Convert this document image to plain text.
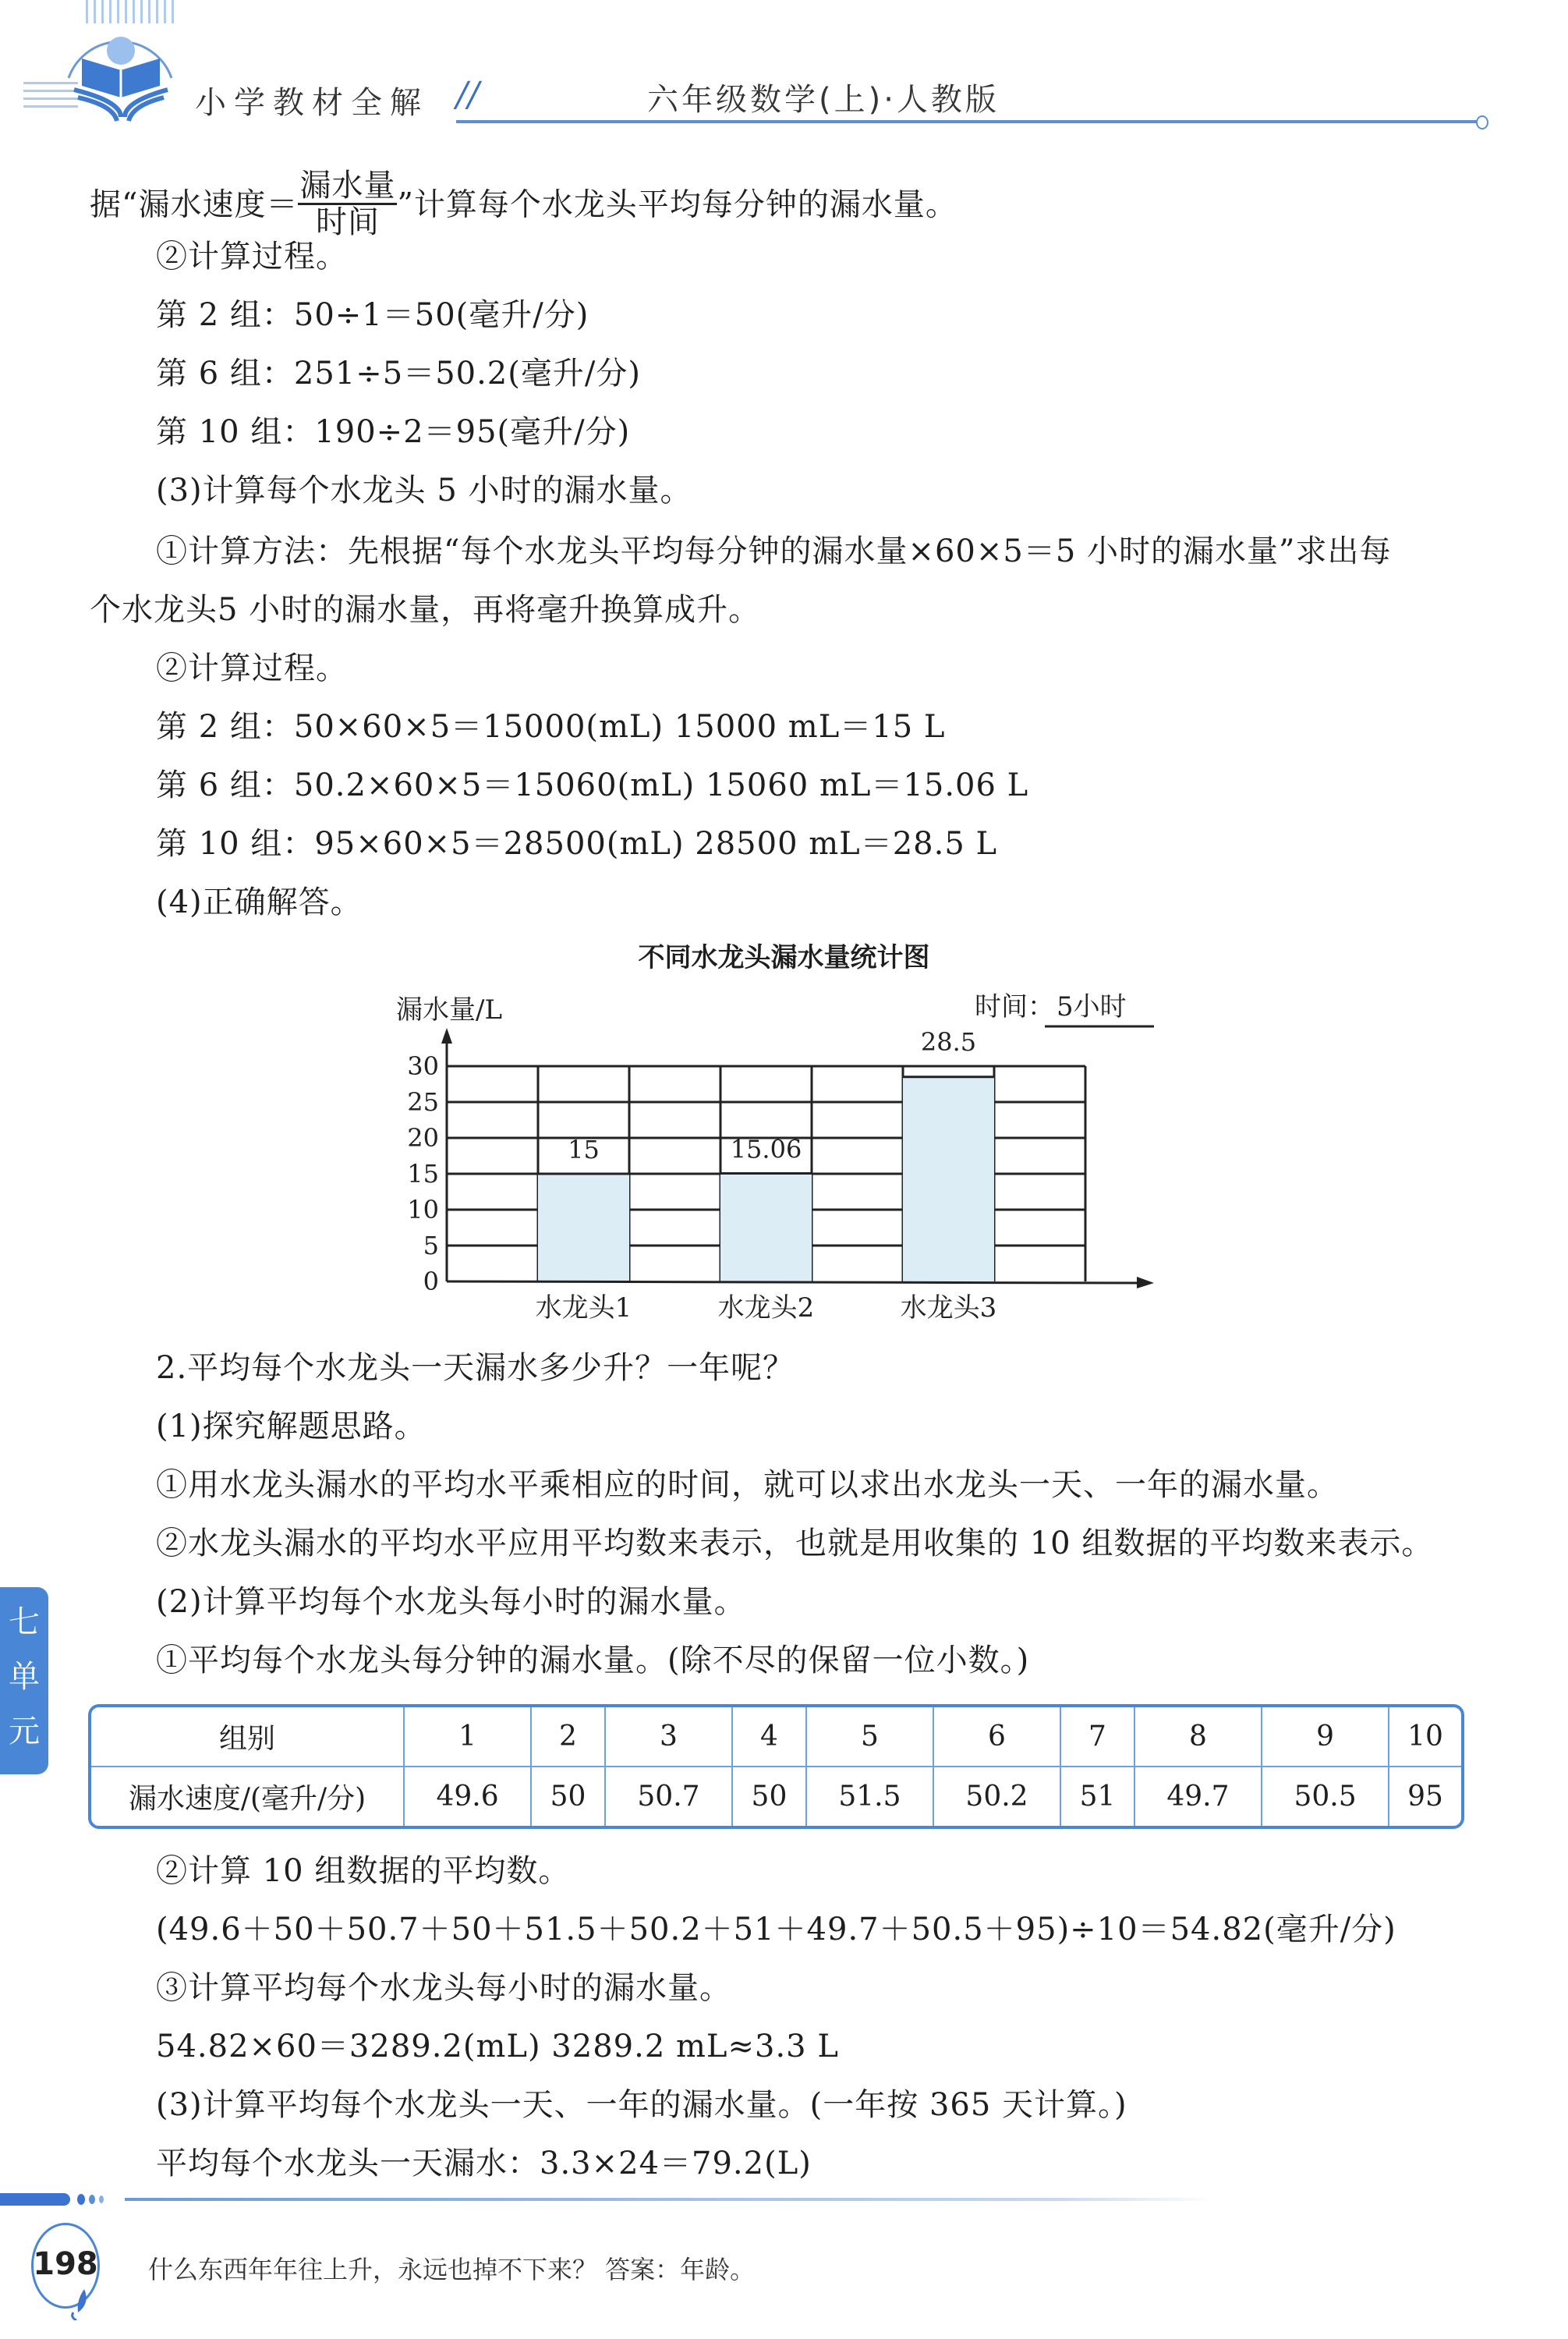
小学教材全解 //	六年级数学(上)·人教版
据“漏水速度＝ $\frac{\text{漏水量}}{\text{时间}}$ ”计算每个水龙头平均每分钟的漏水量。
②计算过程。
第 2 组：50÷1＝50(毫升/分)
第 6 组：251÷5＝50.2(毫升/分)
第 10 组：190÷2＝95(毫升/分)
(3)计算每个水龙头 5 小时的漏水量。
①计算方法：先根据“每个水龙头平均每分钟的漏水量×60×5＝5 小时的漏水量”求出每
个水龙头5 小时的漏水量，再将毫升换算成升。
②计算过程。
第 2 组：50×60×5＝15000(mL) 15000 mL＝15 L
第 6 组：50.2×60×5＝15060(mL) 15060 mL＝15.06 L
第 10 组：95×60×5＝28500(mL) 28500 mL＝28.5 L
(4)正确解答。
不同水龙头漏水量统计图
15
水龙头1
15.06
水龙头2
28.5
水龙头3
0
5
10
15
20
25
30
漏水量/L	时间： 5小时
2.平均每个水龙头一天漏水多少升？一年呢？
(1)探究解题思路。
①用水龙头漏水的平均水平乘相应的时间，就可以求出水龙头一天、一年的漏水量。
②水龙头漏水的平均水平应用平均数来表示，也就是用收集的 10 组数据的平均数来表示。
(2)计算平均每个水龙头每小时的漏水量。
①平均每个水龙头每分钟的漏水量。(除不尽的保留一位小数。)
七
单
元	组别	1	2	3	4	5	6	7	8	9	10
漏水速度/(毫升/分)	49.6	50	50.7	50	51.5	50.2	51	49.7	50.5	95
②计算 10 组数据的平均数。
(49.6＋50＋50.7＋50＋51.5＋50.2＋51＋49.7＋50.5＋95)÷10＝54.82(毫升/分)
③计算平均每个水龙头每小时的漏水量。
54.82×60＝3289.2(mL) 3289.2 mL≈3.3 L
(3)计算平均每个水龙头一天、一年的漏水量。(一年按 365 天计算。)
平均每个水龙头一天漏水：3.3×24＝79.2(L)
198 什么东西年年往上升，永远也掉不下来？ 答案：年龄。
